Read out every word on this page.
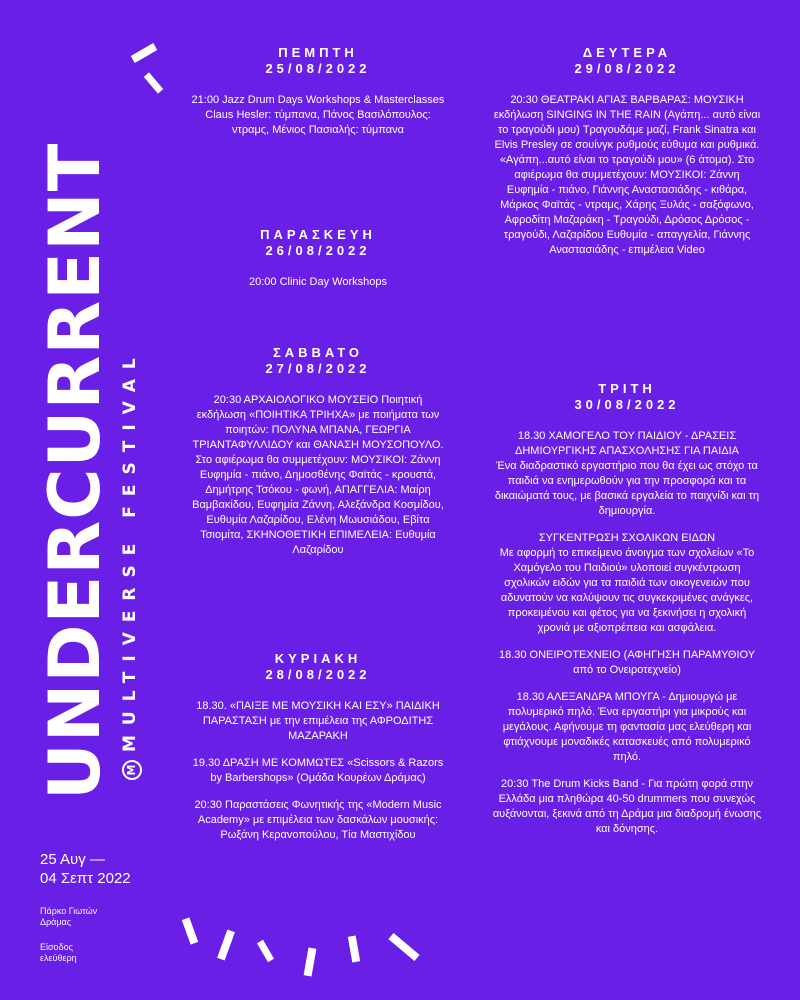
UNDERCURRENT MMULTIVERSE FESTIVAL
25 Αυγ —
04 Σεπτ 2022
Πάρκο Γιωτών
Δράμας
Είσοδος
ελεύθερη
ΠΕΜΠΤΗ
25/08/2022
21:00 Jazz Drum Days Workshops & Masterclasses
Claus Hesler: τύμπανα, Πάνος Βασιλόπουλος: ντραμς, Μένιος Πασιαλής: τύμπανα
ΠΑΡΑΣΚΕΥΗ
26/08/2022
20:00 Clinic Day Workshops
ΣΑΒΒΑΤΟ
27/08/2022
20:30 ΑΡΧΑΙΟΛΟΓΙΚΟ ΜΟΥΣΕΙΟ Ποιητική εκδήλωση «ΠΟΙΗΤΙΚΑ ΤΡΙΗΧΑ» με ποιήματα των ποιητών: ΠΟΛΥΝΑ ΜΠΑΝΑ, ΓΕΩΡΓΙΑ ΤΡΙΑΝΤΑΦΥΛΛΙΔΟΥ και ΘΑΝΑΣΗ ΜΟΥΣΟΠΟΥΛΟ.
Στο αφιέρωμα θα συμμετέχουν: ΜΟΥΣΙΚΟΙ: Ζάννη Ευφημία - πιάνο, Δημοσθένης Φαϊτάς - κρουστά, Δημήτρης Τσόκου - φωνή, ΑΠΑΓΓΕΛΙΑ: Μαίρη Βαμβακίδου, Ευφημία Ζάννη, Αλεξάνδρα Κοσμίδου, Ευθυμία Λαζαρίδου, Ελένη Μωυσιάδου, Εβίτα Τσιομίτα, ΣΚΗΝΟΘΕΤΙΚΗ ΕΠΙΜΕΛΕΙΑ: Ευθυμία Λαζαρίδου
ΚΥΡΙΑΚΗ
28/08/2022
18.30. «ΠΑΙΞΕ ΜΕ ΜΟΥΣΙΚΗ ΚΑΙ ΕΣΥ» ΠΑΙΔΙΚΗ ΠΑΡΑΣΤΑΣΗ με την επιμέλεια της ΑΦΡΟΔΙΤΗΣ ΜΑΖΑΡΑΚΗ
19.30 ΔΡΑΣΗ ΜΕ ΚΟΜΜΩΤΕΣ «Scissors & Razors by Barbershops» (Ομάδα Κουρέων Δράμας)
20:30 Παραστάσεις Φωνητικής της «Modern Music Academy» με επιμέλεια των δασκάλων μουσικής: Ρωξάνη Κεραvoπούλου, Τία Μαστιχίδου
ΔΕΥΤΕΡΑ
29/08/2022
20:30 ΘΕΑΤΡΑΚΙ ΑΓΙΑΣ ΒΑΡΒΑΡΑΣ: ΜΟΥΣΙΚΗ εκδήλωση SINGING IN THE RAIN (Αγάπη... αυτό είναι το τραγούδι μου) Τραγουδάμε μαζί, Frank Sinatra και Elvis Presley σε σουίνγκ ρυθμούς εύθυμα και ρυθμικά. «Αγάπη...αυτό είναι το τραγούδι μου» (6 άτομα). Στο αφιέρωμα θα συμμετέχουν: ΜΟΥΣΙΚΟΙ: Ζάννη Ευφημία - πιάνο, Γιάννης Αναστασιάδης - κιθάρα, Μάρκος Φαϊτάς - ντραμς, Χάρης Ξυλάς - σαξόφωνο, Αφροδίτη Μαζαράκη - Τραγούδι, Δρόσος Δρόσος - τραγούδι, Λαζαρίδου Ευθυμία - απαγγελία, Γιάννης Αναστασιάδης - επιμέλεια Video
ΤΡΙΤΗ
30/08/2022
18.30 ΧΑΜΟΓΕΛΟ ΤΟΥ ΠΑΙΔΙΟΥ - ΔΡΑΣΕΙΣ ΔΗΜΙΟΥΡΓΙΚΗΣ ΑΠΑΣΧΟΛΗΣΗΣ ΓΙΑ ΠΑΙΔΙΑ
Ένα διαδραστικό εργαστήριο που θα έχει ως στόχο τα παιδιά να ενημερωθούν για την προσφορά και τα δικαιώματά τους, με βασικά εργαλεία το παιχνίδι και τη δημιουργία.
ΣΥΓΚΕΝΤΡΩΣΗ ΣΧΟΛΙΚΩΝ ΕΙΔΩΝ
Με αφορμή το επικείμενο άνοιγμα των σχολείων «Το Χαμόγελο του Παιδιού» υλοποιεί συγκέντρωση σχολικών ειδών για τα παιδιά των οικογενειών που αδυνατούν να καλύψουν τις συγκεκριμένες ανάγκες, προκειμένου και φέτος για να ξεκινήσει η σχολική χρονιά με αξιοπρέπεια και ασφάλεια.
18.30 ΟΝΕΙΡΟΤΕΧΝΕΙΟ (ΑΦΗΓΗΣΗ ΠΑΡΑΜΥΘΙΟΥ από το Ονειροτεχνείο)
18.30 ΑΛΕΞΑΝΔΡΑ ΜΠΟΥΓΑ - Δημιουργώ με πολυμερικό πηλό. Ένα εργαστήρι για μικρούς και μεγάλους. Αφήνουμε τη φαντασία μας ελεύθερη και φτιάχνουμε μοναδικές κατασκευές από πολυμερικό πηλό.
20:30 The Drum Kicks Band - Για πρώτη φορά στην Ελλάδα μια πληθώρα 40-50 drummers που συνεχώς αυξάνονται, ξεκινά από τη Δράμα μια διαδρομή ένωσης και δόνησης.
